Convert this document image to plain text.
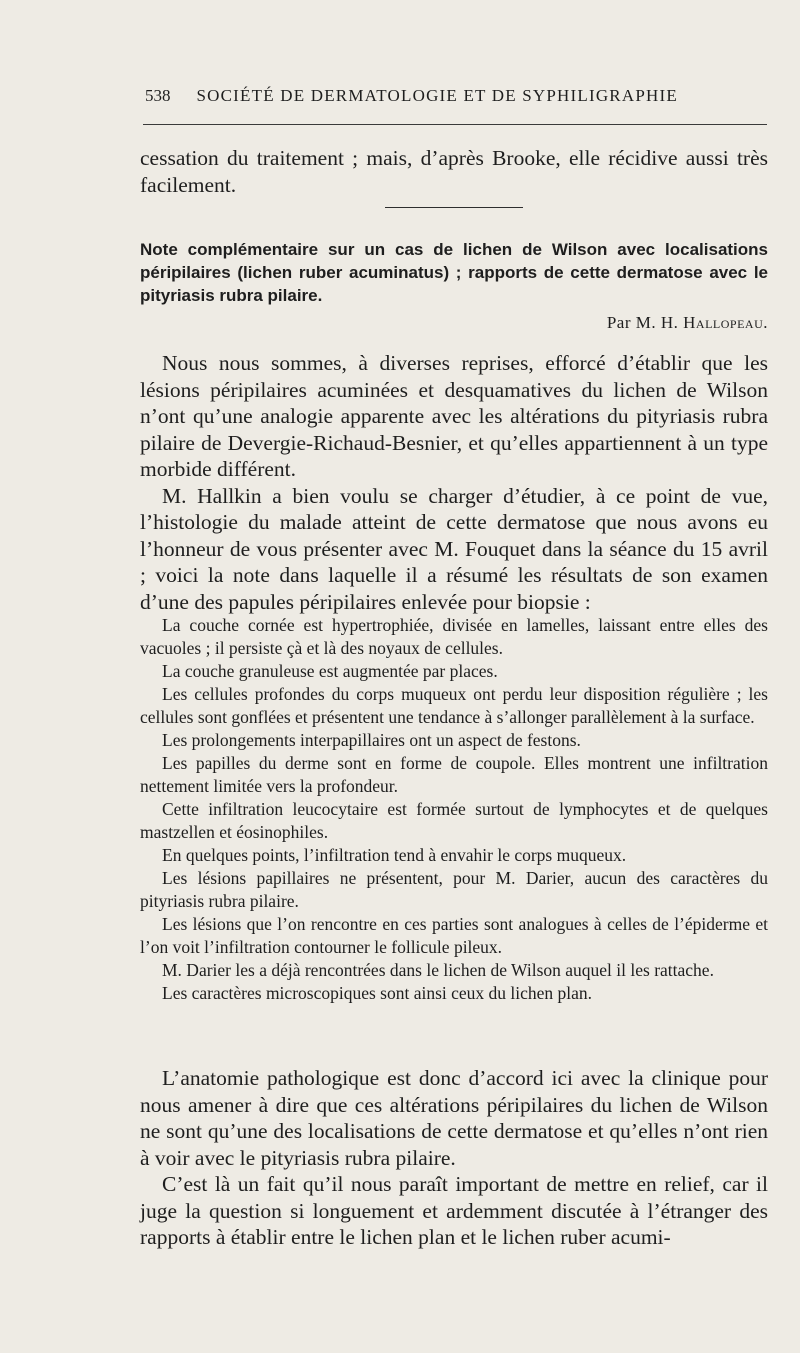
538 SOCIÉTÉ DE DERMATOLOGIE ET DE SYPHILIGRAPHIE

cessation du traitement ; mais, d’après Brooke, elle récidive aussi très facilement.

Note complémentaire sur un cas de lichen de Wilson avec localisations péripilaires (lichen ruber acuminatus) ; rapports de cette dermatose avec le pityriasis rubra pilaire.
Par M. H. Hallopeau.

Nous nous sommes, à diverses reprises, efforcé d’établir que les lésions péripilaires acuminées et desquamatives du lichen de Wilson n’ont qu’une analogie apparente avec les altérations du pityriasis rubra pilaire de Devergie-Richaud-Besnier, et qu’elles appartiennent à un type morbide différent.

M. Hallkin a bien voulu se charger d’étudier, à ce point de vue, l’histologie du malade atteint de cette dermatose que nous avons eu l’honneur de vous présenter avec M. Fouquet dans la séance du 15 avril ; voici la note dans laquelle il a résumé les résultats de son examen d’une des papules péripilaires enlevée pour biopsie :

La couche cornée est hypertrophiée, divisée en lamelles, laissant entre elles des vacuoles ; il persiste çà et là des noyaux de cellules.

La couche granuleuse est augmentée par places.

Les cellules profondes du corps muqueux ont perdu leur disposition régulière ; les cellules sont gonflées et présentent une tendance à s’allonger parallèlement à la surface.

Les prolongements interpapillaires ont un aspect de festons.

Les papilles du derme sont en forme de coupole. Elles montrent une infiltration nettement limitée vers la profondeur.

Cette infiltration leucocytaire est formée surtout de lymphocytes et de quelques mastzellen et éosinophiles.

En quelques points, l’infiltration tend à envahir le corps muqueux.

Les lésions papillaires ne présentent, pour M. Darier, aucun des caractères du pityriasis rubra pilaire.

Les lésions que l’on rencontre en ces parties sont analogues à celles de l’épiderme et l’on voit l’infiltration contourner le follicule pileux.

M. Darier les a déjà rencontrées dans le lichen de Wilson auquel il les rattache.

Les caractères microscopiques sont ainsi ceux du lichen plan.

L’anatomie pathologique est donc d’accord ici avec la clinique pour nous amener à dire que ces altérations péripilaires du lichen de Wilson ne sont qu’une des localisations de cette dermatose et qu’elles n’ont rien à voir avec le pityriasis rubra pilaire.

C’est là un fait qu’il nous paraît important de mettre en relief, car il juge la question si longuement et ardemment discutée à l’étranger des rapports à établir entre le lichen plan et le lichen ruber acumi-
